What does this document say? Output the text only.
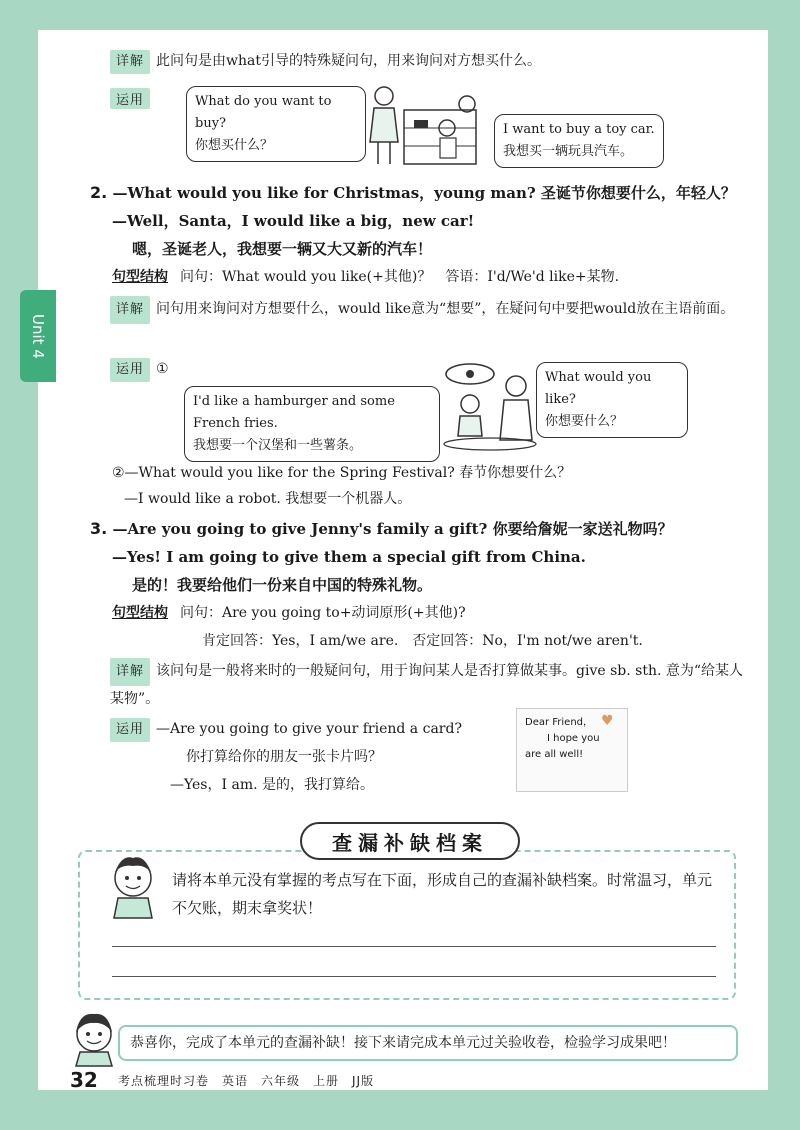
Unit 4
详解 此问句是由what引导的特殊疑问句，用来询问对方想买什么。
运用	What do you want to buy?
你想买什么？
I want to buy a toy car.
我想买一辆玩具汽车。
2. —What would you like for Christmas，young man? 圣诞节你想要什么，年轻人？
—Well，Santa，I would like a big，new car!
嗯，圣诞老人，我想要一辆又大又新的汽车！
句型结构 问句：What would you like(+其他)？　答语：I'd/We'd like+某物.
详解 问句用来询问对方想要什么，would like意为“想要”，在疑问句中要把would放在主语前面。
运用 ①
I'd like a hamburger and some French fries.
我想要一个汉堡和一些薯条。
What would you like?
你想要什么？
②—What would you like for the Spring Festival? 春节你想要什么？
—I would like a robot. 我想要一个机器人。
3. —Are you going to give Jenny's family a gift? 你要给詹妮一家送礼物吗？
—Yes! I am going to give them a special gift from China.
是的！我要给他们一份来自中国的特殊礼物。
句型结构 问句：Are you going to+动词原形(+其他)?
肯定回答：Yes，I am/we are.　否定回答：No，I'm not/we aren't.
详解 该问句是一般将来时的一般疑问句，用于询问某人是否打算做某事。give sb. sth. 意为“给某人某物”。
运用 —Are you going to give your friend a card?
你打算给你的朋友一张卡片吗？
—Yes，I am. 是的，我打算给。
Dear Friend，
I hope you
are all well!
♥
查漏补缺档案
请将本单元没有掌握的考点写在下面，形成自己的查漏补缺档案。时常温习，单元不欠账，期末拿奖状！
恭喜你，完成了本单元的查漏补缺！接下来请完成本单元过关验收卷，检验学习成果吧！
32 考点梳理时习卷　英语　六年级　上册　JJ版
